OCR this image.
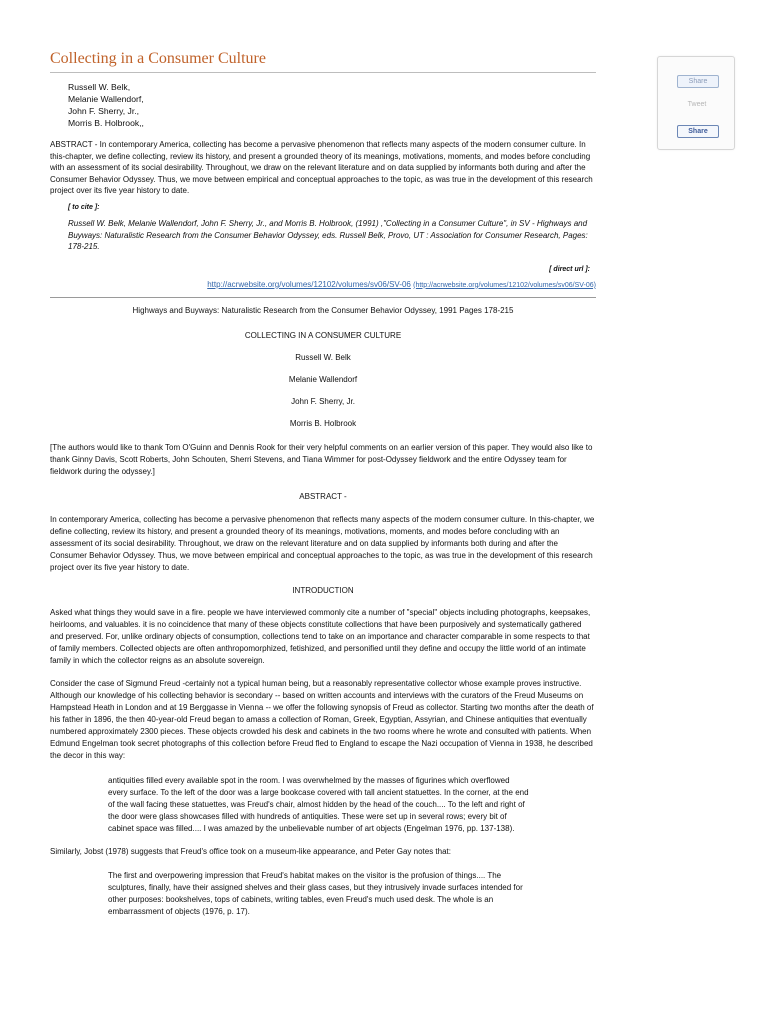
Collecting in a Consumer Culture
Russell W. Belk,
Melanie Wallendorf,
John F. Sherry, Jr.,
Morris B. Holbrook,,

ABSTRACT - In contemporary America, collecting has become a pervasive phenomenon that reflects many aspects of the modern consumer culture. In this-chapter, we define collecting, review its history, and present a grounded theory of its meanings, motivations, moments, and modes before concluding with an assessment of its social desirability. Throughout, we draw on the relevant literature and on data supplied by informants both during and after the Consumer Behavior Odyssey. Thus, we move between empirical and conceptual approaches to the topic, as was true in the development of this research project over its five year history to date.

[ to cite ]:
Russell W. Belk, Melanie Wallendorf, John F. Sherry, Jr., and Morris B. Holbrook, (1991) ,"Collecting in a Consumer Culture", in SV - Highways and Buyways: Naturalistic Research from the Consumer Behavior Odyssey, eds. Russell Belk, Provo, UT : Association for Consumer Research, Pages: 178-215.
[ direct url ]:
http://acrwebsite.org/volumes/12102/volumes/sv06/SV-06 (http://acrwebsite.org/volumes/12102/volumes/sv06/SV-06)
Highways and Buyways: Naturalistic Research from the Consumer Behavior Odyssey, 1991 Pages 178-215
COLLECTING IN A CONSUMER CULTURE
Russell W. Belk
Melanie Wallendorf
John F. Sherry, Jr.
Morris B. Holbrook

[The authors would like to thank Tom O'Guinn and Dennis Rook for their very helpful comments on an earlier version of this paper. They would also like to thank Ginny Davis, Scott Roberts, John Schouten, Sherri Stevens, and Tiana Wimmer for post-Odyssey fieldwork and the entire Odyssey team for fieldwork during the odyssey.]

ABSTRACT -

In contemporary America, collecting has become a pervasive phenomenon that reflects many aspects of the modern consumer culture. In this-chapter, we define collecting, review its history, and present a grounded theory of its meanings, motivations, moments, and modes before concluding with an assessment of its social desirability. Throughout, we draw on the relevant literature and on data supplied by informants both during and after the Consumer Behavior Odyssey. Thus, we move between empirical and conceptual approaches to the topic, as was true in the development of this research project over its five year history to date.

INTRODUCTION

Asked what things they would save in a fire. people we have interviewed commonly cite a number of "special" objects including photographs, keepsakes, heirlooms, and valuables. it is no coincidence that many of these objects constitute collections that have been purposively and systematically gathered and preserved. For, unlike ordinary objects of consumption, collections tend to take on an importance and character comparable in some respects to that of family members. Collected objects are often anthropomorphized, fetishized, and personified until they define and occupy the little world of an intimate family in which the collector reigns as an absolute sovereign.

Consider the case of Sigmund Freud -certainly not a typical human being, but a reasonably representative collector whose example proves instructive. Although our knowledge of his collecting behavior is secondary -- based on written accounts and interviews with the curators of the Freud Museums on Hampstead Heath in London and at 19 Berggasse in Vienna -- we offer the following synopsis of Freud as collector. Starting two months after the death of his father in 1896, the then 40-year-old Freud began to amass a collection of Roman, Greek, Egyptian, Assyrian, and Chinese antiquities that eventually numbered approximately 2300 pieces. These objects crowded his desk and cabinets in the two rooms where he wrote and consulted with patients. When Edmund Engelman took secret photographs of this collection before Freud fled to England to escape the Nazi occupation of Vienna in 1938, he described the decor in this way:

antiquities filled every available spot in the room. I was overwhelmed by the masses of figurines which overflowed every surface. To the left of the door was a large bookcase covered with tall ancient statuettes. In the corner, at the end of the wall facing these statuettes, was Freud's chair, almost hidden by the head of the couch.... To the left and right of the door were glass showcases filled with hundreds of antiquities. These were set up in several rows; every bit of cabinet space was filled.... I was amazed by the unbelievable number of art objects (Engelman 1976, pp. 137-138).

Similarly, Jobst (1978) suggests that Freud's office took on a museum-like appearance, and Peter Gay notes that:

The first and overpowering impression that Freud's habitat makes on the visitor is the profusion of things.... The sculptures, finally, have their assigned shelves and their glass cases, but they intrusively invade surfaces intended for other purposes: bookshelves, tops of cabinets, writing tables, even Freud's much used desk. The whole is an embarrassment of objects (1976, p. 17).

Share
Tweet
Share
